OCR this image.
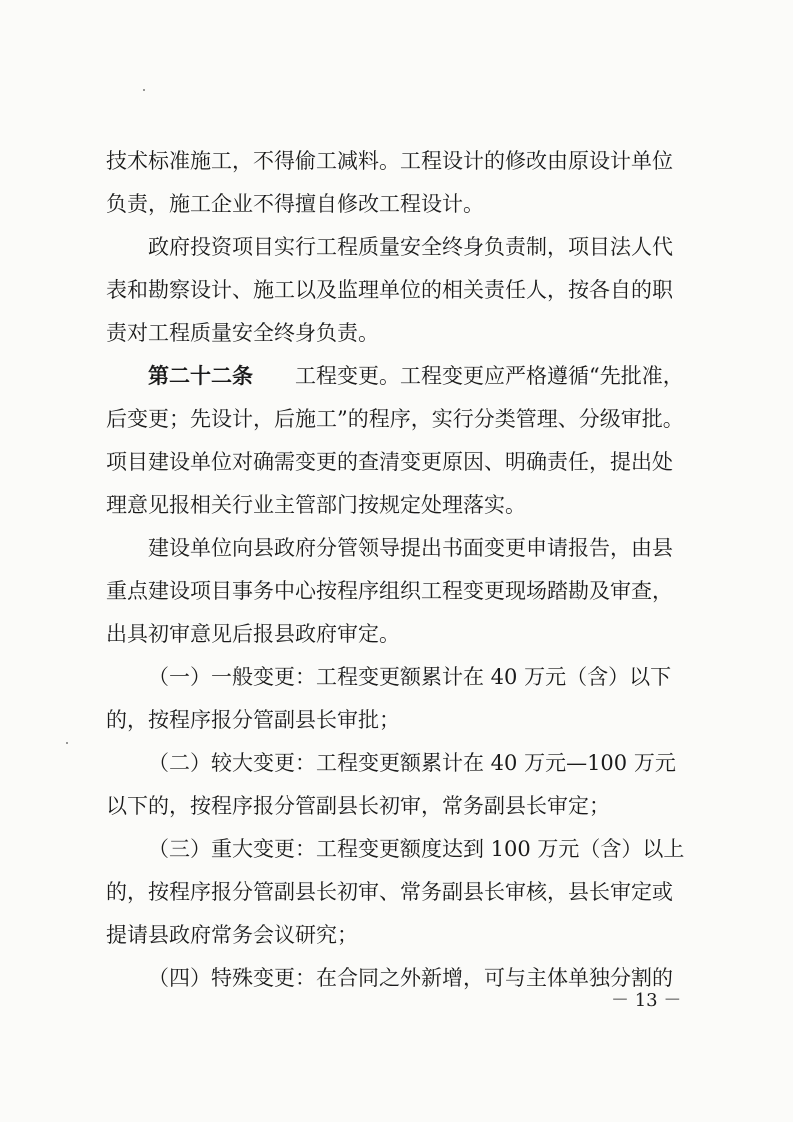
技术标准施工，不得偷工减料。工程设计的修改由原设计单位
负责，施工企业不得擅自修改工程设计。
政府投资项目实行工程质量安全终身负责制，项目法人代
表和勘察设计、施工以及监理单位的相关责任人，按各自的职
责对工程质量安全终身负责。
第二十二条　　 工程变更。工程变更应严格遵循“先批准，
后变更；先设计，后施工”的程序，实行分类管理、分级审批。
项目建设单位对确需变更的查清变更原因、明确责任，提出处
理意见报相关行业主管部门按规定处理落实。
建设单位向县政府分管领导提出书面变更申请报告，由县
重点建设项目事务中心按程序组织工程变更现场踏勘及审查，
出具初审意见后报县政府审定。
（一）一般变更：工程变更额累计在 40 万元（含）以下
的，按程序报分管副县长审批；
（二）较大变更：工程变更额累计在 40 万元—100 万元
以下的，按程序报分管副县长初审，常务副县长审定；
（三）重大变更：工程变更额度达到 100 万元（含）以上
的，按程序报分管副县长初审、常务副县长审核，县长审定或
提请县政府常务会议研究；
（四）特殊变更：在合同之外新增，可与主体单独分割的
－ 13 －
